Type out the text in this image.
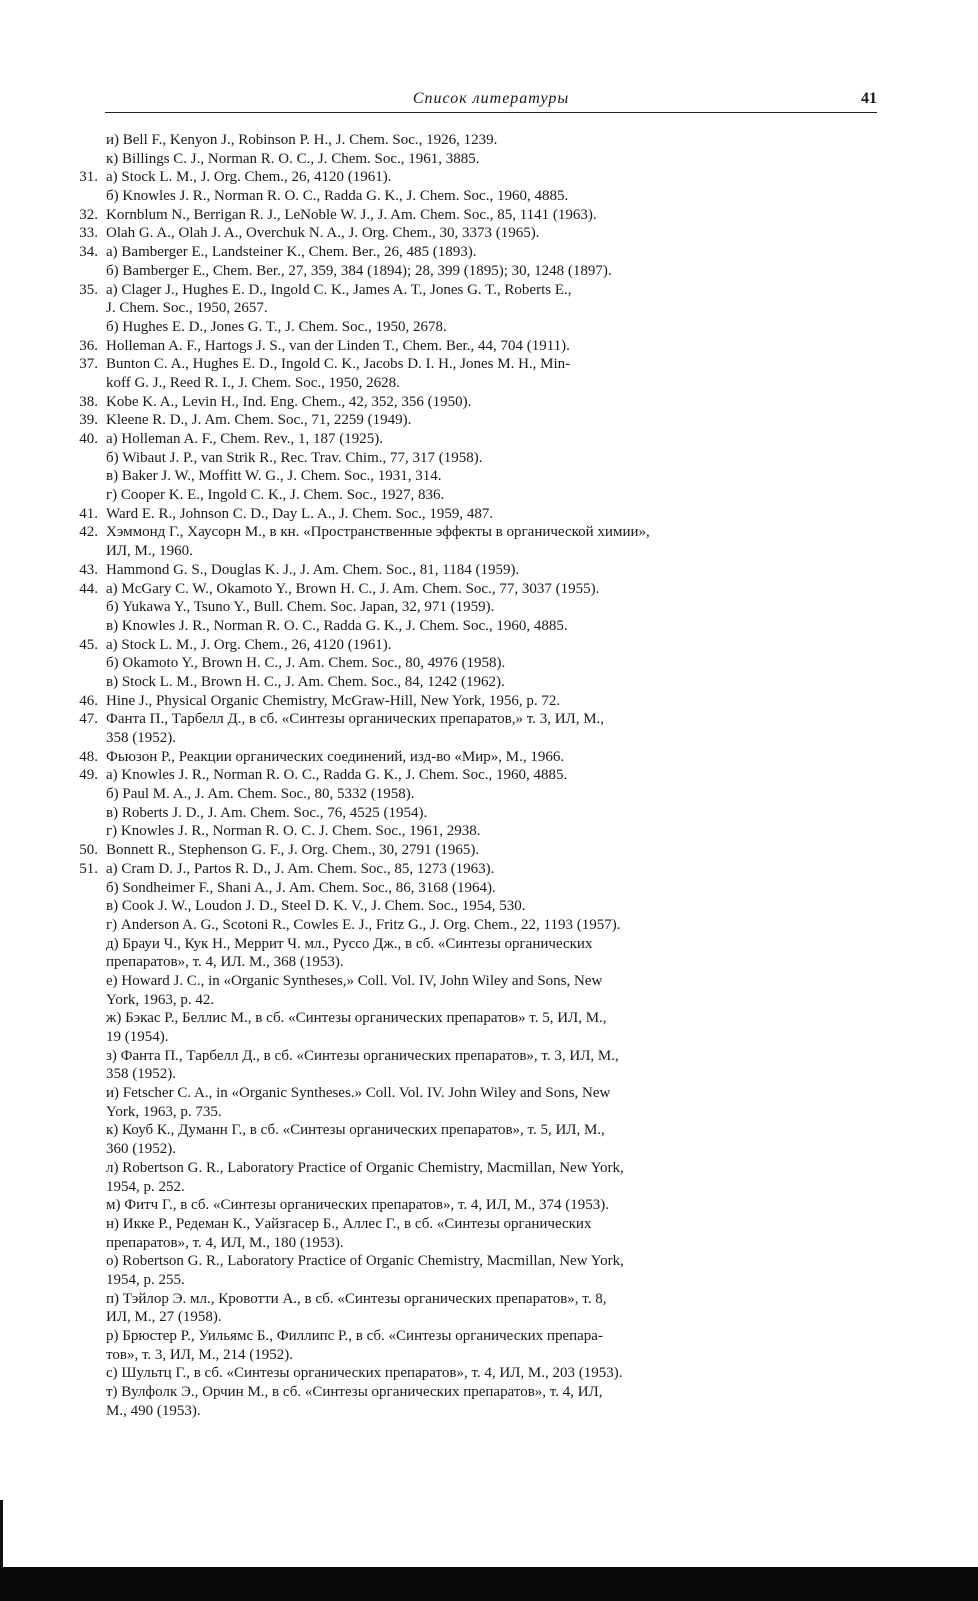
Список литературы	41
и) Bell F., Kenyon J., Robinson P. H., J. Chem. Soc., 1926, 1239.
к) Billings C. J., Norman R. O. C., J. Chem. Soc., 1961, 3885.
31. а) Stock L. M., J. Org. Chem., 26, 4120 (1961).
б) Knowles J. R., Norman R. O. C., Radda G. K., J. Chem. Soc., 1960, 4885.
32. Kornblum N., Berrigan R. J., LeNoble W. J., J. Am. Chem. Soc., 85, 1141 (1963).
33. Olah G. A., Olah J. A., Overchuk N. A., J. Org. Chem., 30, 3373 (1965).
34. а) Bamberger E., Landsteiner K., Chem. Ber., 26, 485 (1893).
б) Bamberger E., Chem. Ber., 27, 359, 384 (1894); 28, 399 (1895); 30, 1248 (1897).
35. а) Clager J., Hughes E. D., Ingold C. K., James A. T., Jones G. T., Roberts E.,
J. Chem. Soc., 1950, 2657.
б) Hughes E. D., Jones G. T., J. Chem. Soc., 1950, 2678.
36. Holleman A. F., Hartogs J. S., van der Linden T., Chem. Ber., 44, 704 (1911).
37. Bunton C. A., Hughes E. D., Ingold C. K., Jacobs D. I. H., Jones M. H., Min-
koff G. J., Reed R. I., J. Chem. Soc., 1950, 2628.
38. Kobe K. A., Levin H., Ind. Eng. Chem., 42, 352, 356 (1950).
39. Kleene R. D., J. Am. Chem. Soc., 71, 2259 (1949).
40. а) Holleman A. F., Chem. Rev., 1, 187 (1925).
б) Wibaut J. P., van Strik R., Rec. Trav. Chim., 77, 317 (1958).
в) Baker J. W., Moffitt W. G., J. Chem. Soc., 1931, 314.
г) Cooper K. E., Ingold C. K., J. Chem. Soc., 1927, 836.
41. Ward E. R., Johnson C. D., Day L. A., J. Chem. Soc., 1959, 487.
42. Хэммонд Г., Хаусорн М., в кн. «Пространственные эффекты в органической химии»,
ИЛ, М., 1960.
43. Hammond G. S., Douglas K. J., J. Am. Chem. Soc., 81, 1184 (1959).
44. а) McGary C. W., Okamoto Y., Brown H. C., J. Am. Chem. Soc., 77, 3037 (1955).
б) Yukawa Y., Tsuno Y., Bull. Chem. Soc. Japan, 32, 971 (1959).
в) Knowles J. R., Norman R. O. C., Radda G. K., J. Chem. Soc., 1960, 4885.
45. а) Stock L. M., J. Org. Chem., 26, 4120 (1961).
б) Okamoto Y., Brown H. C., J. Am. Chem. Soc., 80, 4976 (1958).
в) Stock L. M., Brown H. C., J. Am. Chem. Soc., 84, 1242 (1962).
46. Hine J., Physical Organic Chemistry, McGraw-Hill, New York, 1956, p. 72.
47. Фанта П., Тарбелл Д., в сб. «Синтезы органических препаратов,» т. 3, ИЛ, М.,
358 (1952).
48. Фьюзон Р., Реакции органических соединений, изд-во «Мир», М., 1966.
49. а) Knowles J. R., Norman R. O. C., Radda G. K., J. Chem. Soc., 1960, 4885.
б) Paul M. A., J. Am. Chem. Soc., 80, 5332 (1958).
в) Roberts J. D., J. Am. Chem. Soc., 76, 4525 (1954).
г) Knowles J. R., Norman R. O. C. J. Chem. Soc., 1961, 2938.
50. Bonnett R., Stephenson G. F., J. Org. Chem., 30, 2791 (1965).
51. а) Cram D. J., Partos R. D., J. Am. Chem. Soc., 85, 1273 (1963).
б) Sondheimer F., Shani A., J. Am. Chem. Soc., 86, 3168 (1964).
в) Cook J. W., Loudon J. D., Steel D. K. V., J. Chem. Soc., 1954, 530.
г) Anderson A. G., Scotoni R., Cowles E. J., Fritz G., J. Org. Chem., 22, 1193 (1957).
д) Брауи Ч., Кук Н., Меррит Ч. мл., Руссо Дж., в сб. «Синтезы органических
препаратов», т. 4, ИЛ. М., 368 (1953).
е) Howard J. C., in «Organic Syntheses,» Coll. Vol. IV, John Wiley and Sons, New
York, 1963, p. 42.
ж) Бэкас Р., Беллис М., в сб. «Синтезы органических препаратов» т. 5, ИЛ, М.,
19 (1954).
з) Фанта П., Тарбелл Д., в сб. «Синтезы органических препаратов», т. 3, ИЛ, М.,
358 (1952).
и) Fetscher C. A., in «Organic Syntheses.» Coll. Vol. IV. John Wiley and Sons, New
York, 1963, p. 735.
к) Коуб К., Думанн Г., в сб. «Синтезы органических препаратов», т. 5, ИЛ, М.,
360 (1952).
л) Robertson G. R., Laboratory Practice of Organic Chemistry, Macmillan, New York,
1954, p. 252.
м) Фитч Г., в сб. «Синтезы органических препаратов», т. 4, ИЛ, М., 374 (1953).
н) Икке Р., Редеман К., Уайзгасер Б., Аллес Г., в сб. «Синтезы органических
препаратов», т. 4, ИЛ, М., 180 (1953).
о) Robertson G. R., Laboratory Practice of Organic Chemistry, Macmillan, New York,
1954, p. 255.
п) Тэйлор Э. мл., Кровотти А., в сб. «Синтезы органических препаратов», т. 8,
ИЛ, М., 27 (1958).
р) Брюстер Р., Уильямс Б., Филлипс Р., в сб. «Синтезы органических препара-
тов», т. 3, ИЛ, М., 214 (1952).
с) Шультц Г., в сб. «Синтезы органических препаратов», т. 4, ИЛ, М., 203 (1953).
т) Вулфолк Э., Орчин М., в сб. «Синтезы органических препаратов», т. 4, ИЛ,
М., 490 (1953).
